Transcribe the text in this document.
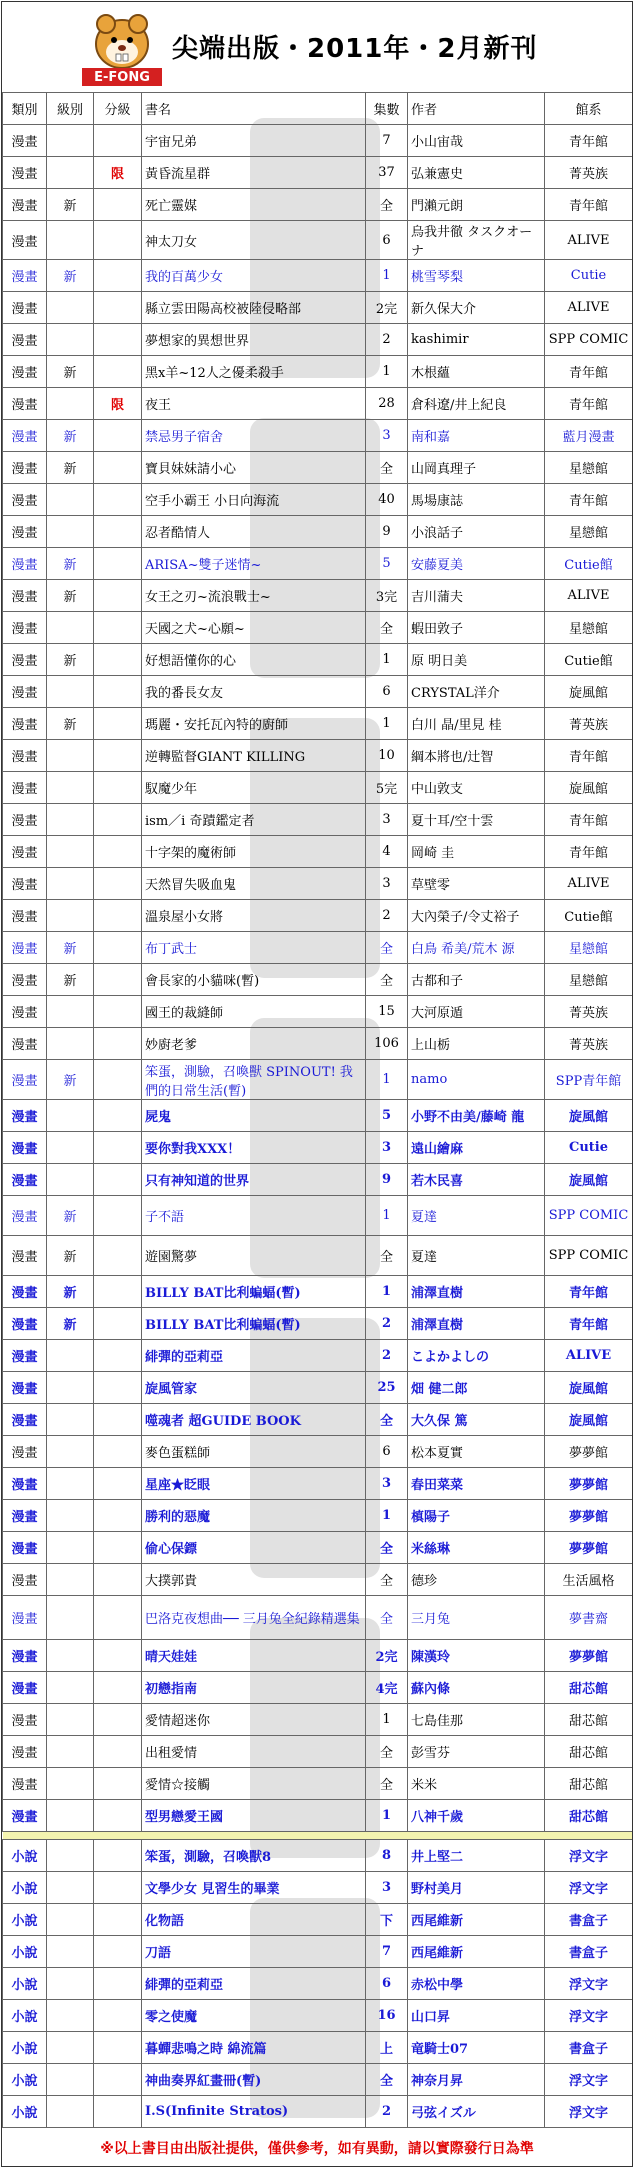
E-FONG
尖端出版・2011年・2月新刊
類別	級別	分級	書名	集數	作者	館系
漫畫			宇宙兄弟	7	小山宙哉	青年館
漫畫		限	黃昏流星群	37	弘兼憲史	菁英族
漫畫	新		死亡靈媒	全	門瀨元朗	青年館
漫畫			神太刀女	6	烏我井徹 タスクオーナ	ALIVE
漫畫	新		我的百萬少女	1	桃雪琴梨	Cutie
漫畫			縣立雲田陽高校被陸侵略部	2完	新久保大介	ALIVE
漫畫			夢想家的異想世界	2	kashimir	SPP COMIC
漫畫	新		黑x羊~12人之優柔殺手	1	木根蘊	青年館
漫畫		限	夜王	28	倉科遼/井上紀良	青年館
漫畫	新		禁忌男子宿舍	3	南和嘉	藍月漫畫
漫畫	新		寶貝妹妹請小心	全	山岡真理子	星戀館
漫畫			空手小霸王 小日向海流	40	馬場康誌	青年館
漫畫			忍者酷情人	9	小浪話子	星戀館
漫畫	新		ARISA~雙子迷情~	5	安藤夏美	Cutie館
漫畫	新		女王之刃~流浪戰士~	3完	吉川蒲夫	ALIVE
漫畫			天國之犬~心願~	全	蝦田敦子	星戀館
漫畫	新		好想語懂你的心	1	原 明日美	Cutie館
漫畫			我的番長女友	6	CRYSTAL洋介	旋風館
漫畫	新		瑪麗・安托瓦內特的廚師	1	白川 晶/里見 桂	菁英族
漫畫			逆轉監督GIANT KILLING	10	綱本將也/辻智	青年館
漫畫			馭魔少年	5完	中山敦支	旋風館
漫畫			ism／i 奇蹟鑑定者	3	夏十耳/空十雲	青年館
漫畫			十字架的魔術師	4	岡崎 圭	青年館
漫畫			天然冒失吸血鬼	3	草壁零	ALIVE
漫畫			溫泉屋小女將	2	大內榮子/令丈裕子	Cutie館
漫畫	新		布丁武士	全	白鳥 希美/荒木 源	星戀館
漫畫	新		會長家的小貓咪(暫)	全	古都和子	星戀館
漫畫			國王的裁縫師	15	大河原遁	菁英族
漫畫			妙廚老爹	106	上山栃	菁英族
漫畫	新		笨蛋，測驗，召喚獸 SPINOUT! 我們的日常生活(暫)	1	namo	SPP青年館
漫畫			屍鬼	5	小野不由美/藤崎 龍	旋風館
漫畫			要你對我XXX！	3	遠山繪麻	Cutie
漫畫			只有神知道的世界	9	若木民喜	旋風館
漫畫	新		子不語	1	夏達	SPP COMIC
漫畫	新		遊園驚夢	全	夏達	SPP COMIC
漫畫	新		BILLY BAT比利蝙蝠(暫)	1	浦澤直樹	青年館
漫畫	新		BILLY BAT比利蝙蝠(暫)	2	浦澤直樹	青年館
漫畫			緋彈的亞莉亞	2	こよかよしの	ALIVE
漫畫			旋風管家	25	畑 健二郎	旋風館
漫畫			噬魂者 超GUIDE BOOK	全	大久保 篤	旋風館
漫畫			麥色蛋糕師	6	松本夏實	夢夢館
漫畫			星座★眨眼	3	春田菜菜	夢夢館
漫畫			勝利的惡魔	1	槙陽子	夢夢館
漫畫			偷心保鏢	全	米絲琳	夢夢館
漫畫			大撲郭貴	全	德珍	生活風格
漫畫			巴洛克夜想曲── 三月兔全紀錄精選集	全	三月兔	夢書齋
漫畫			晴天娃娃	2完	陳漢玲	夢夢館
漫畫			初戀指南	4完	蘇內條	甜芯館
漫畫			愛情超迷你	1	七島佳那	甜芯館
漫畫			出租愛情	全	彭雪芬	甜芯館
漫畫			愛情☆接觸	全	米米	甜芯館
漫畫			型男戀愛王國	1	八神千歲	甜芯館

小說			笨蛋，測驗，召喚獸8	8	井上堅二	浮文字
小說			文學少女 見習生的畢業	3	野村美月	浮文字
小說			化物語	下	西尾維新	書盒子
小說			刀語	7	西尾維新	書盒子
小說			緋彈的亞莉亞	6	赤松中學	浮文字
小說			零之使魔	16	山口昇	浮文字
小說			暮蟬悲鳴之時 綿流篇	上	竜騎士07	書盒子
小說			神曲奏界紅畫冊(暫)	全	神奈月昇	浮文字
小說			I.S(Infinite Stratos)	2	弓弦イズル	浮文字
※以上書目由出版社提供，僅供參考，如有異動，請以實際發行日為準
